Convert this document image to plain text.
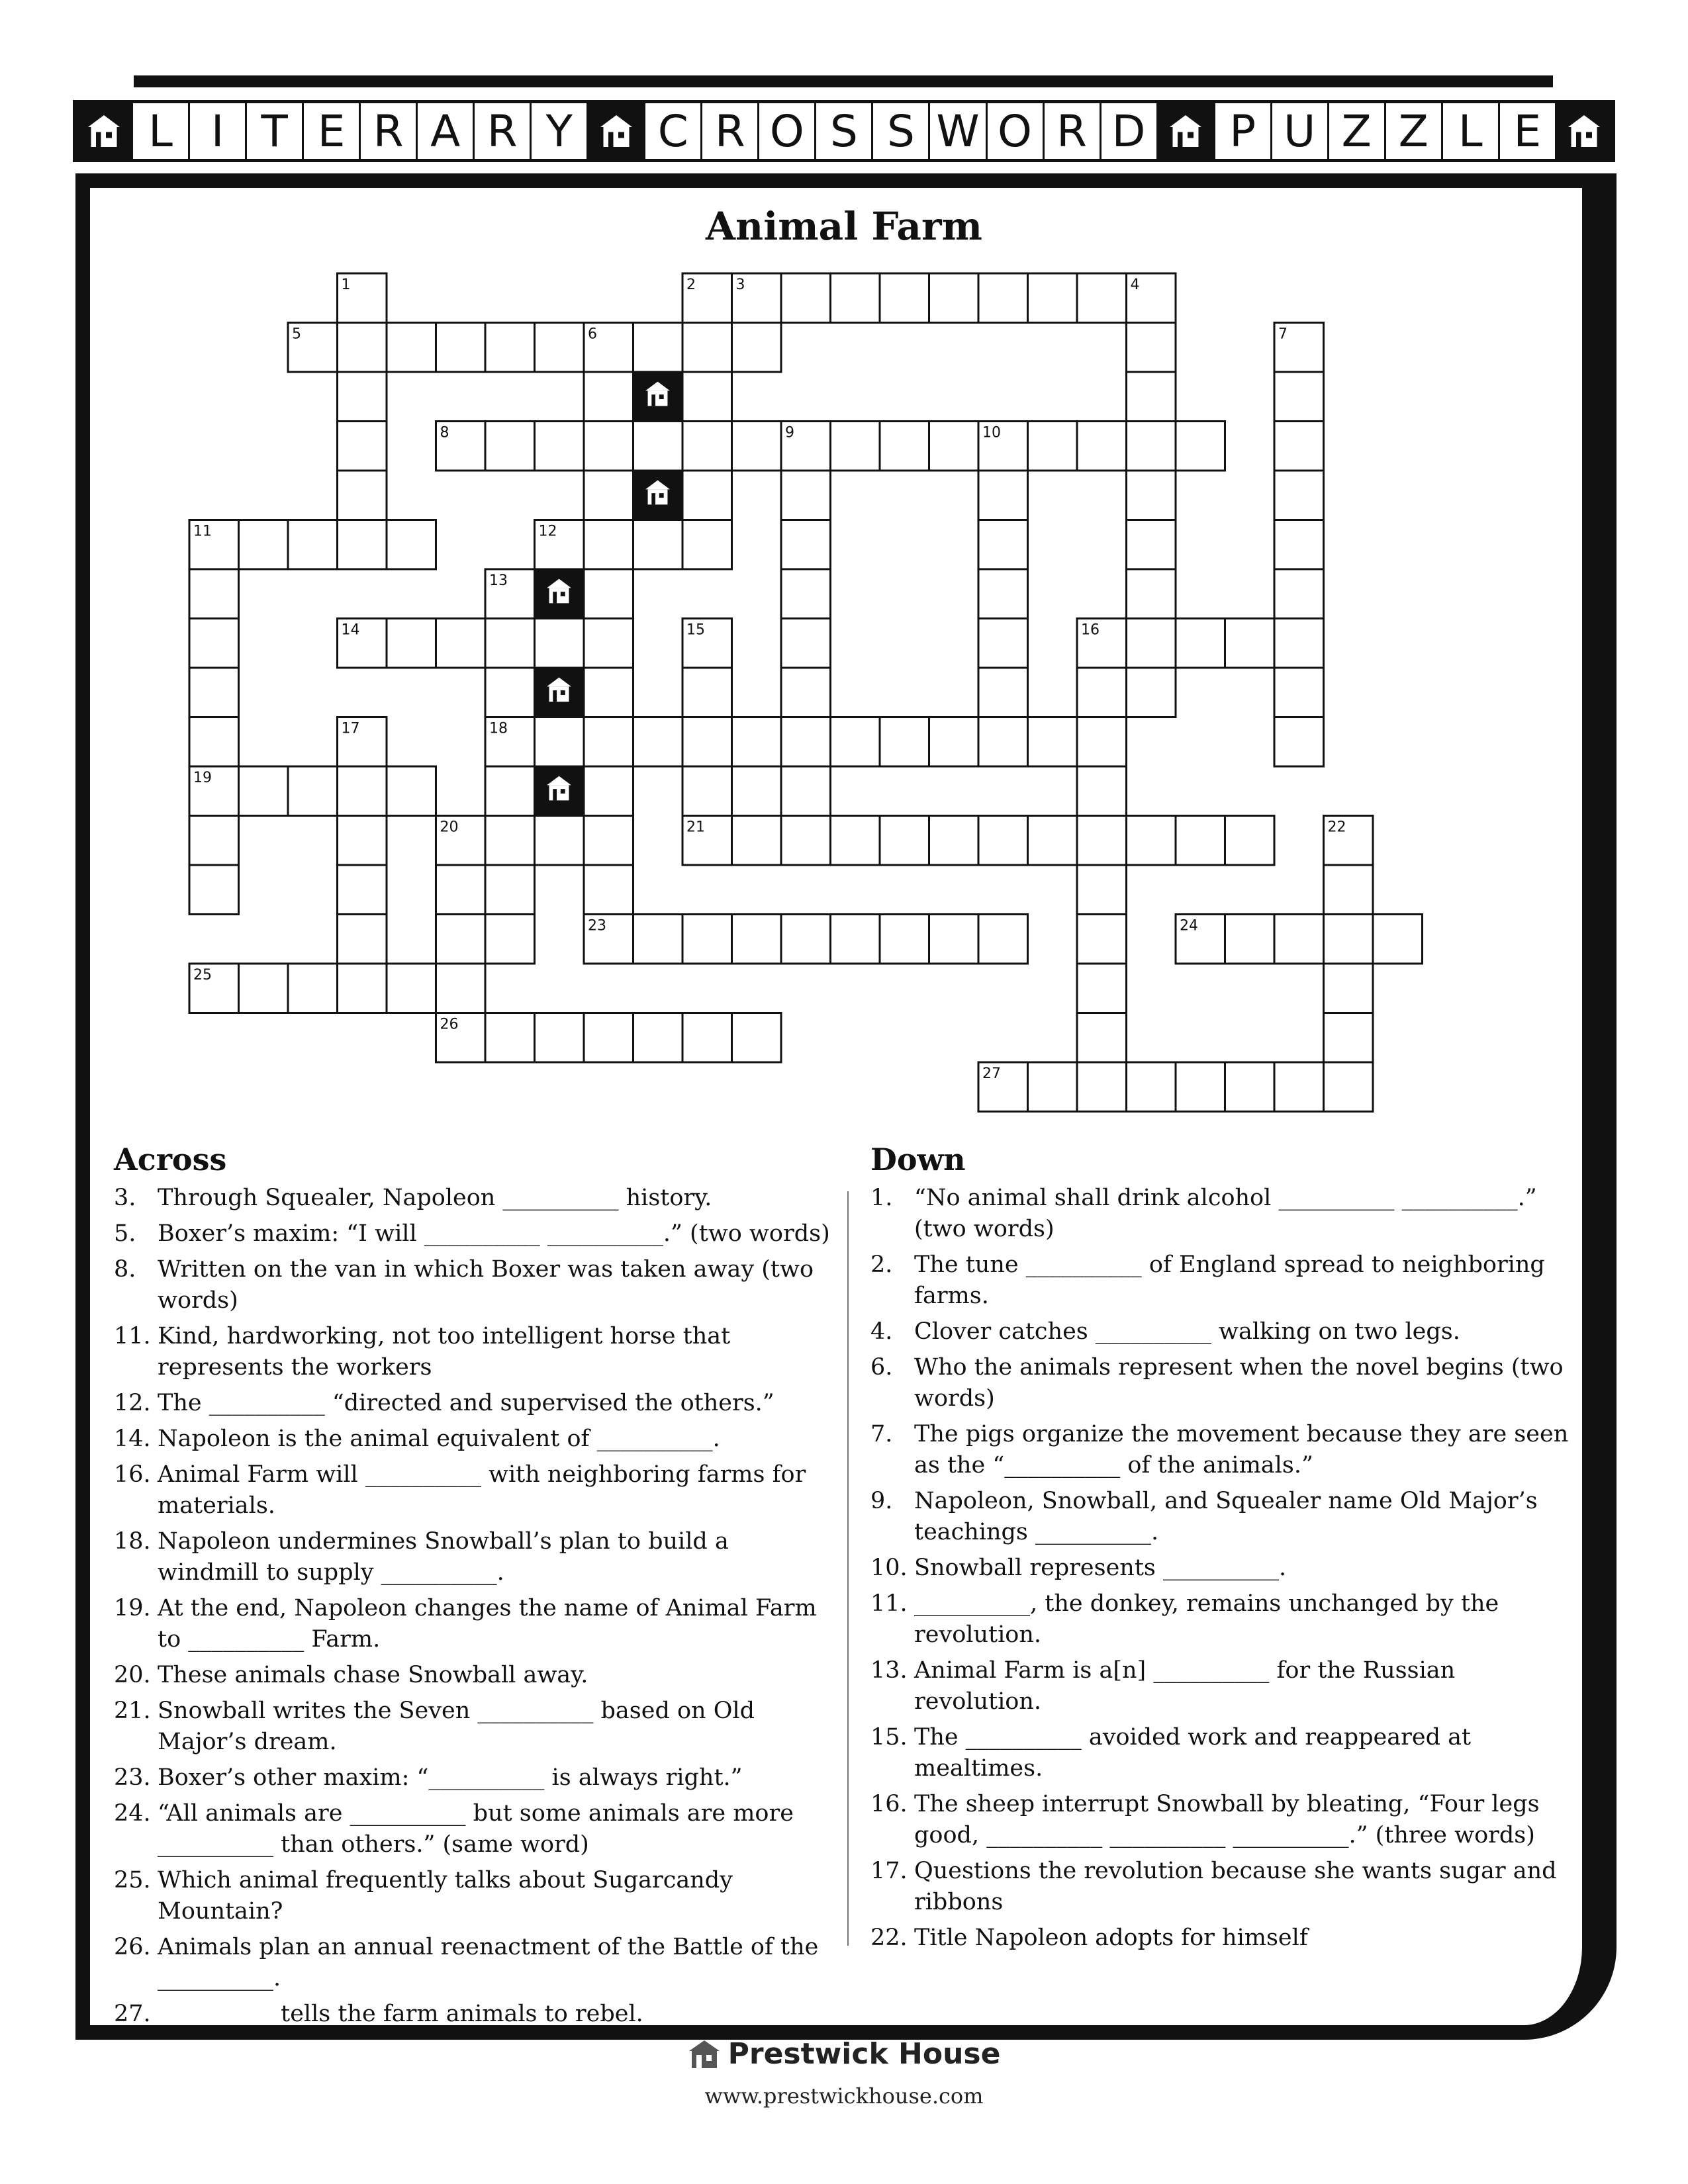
L I T E R A R Y	C R O S S W O R D	P U Z Z L E
Animal Farm
1	2	3	4
5	6	7
8	9	10
11	12
13
14	15	16
17	18
19
20	21	22
23	24
25
26
27
Across
3. Through Squealer, Napoleon __________ history.
5. Boxer’s maxim: “I will __________ __________.” (two words)
8. Written on the van in which Boxer was taken away (two words)
11. Kind, hardworking, not too intelligent horse that represents the workers
12. The __________ “directed and supervised the others.”
14. Napoleon is the animal equivalent of __________.
16. Animal Farm will __________ with neighboring farms for materials.
18. Napoleon undermines Snowball’s plan to build a windmill to supply __________.
19. At the end, Napoleon changes the name of Animal Farm to __________ Farm.
20. These animals chase Snowball away.
21. Snowball writes the Seven __________ based on Old Major’s dream.
23. Boxer’s other maxim: “__________ is always right.”
24. “All animals are __________ but some animals are more __________ than others.” (same word)
25. Which animal frequently talks about Sugarcandy Mountain?
26. Animals plan an annual reenactment of the Battle of the __________.
27. __________ tells the farm animals to rebel.
Down
1. “No animal shall drink alcohol __________ __________.” (two words)
2. The tune __________ of England spread to neighboring farms.
4. Clover catches __________ walking on two legs.
6. Who the animals represent when the novel begins (two words)
7. The pigs organize the movement because they are seen as the “__________ of the animals.”
9. Napoleon, Snowball, and Squealer name Old Major’s teachings __________.
10. Snowball represents __________.
11. __________, the donkey, remains unchanged by the revolution.
13. Animal Farm is a[n] __________ for the Russian revolution.
15. The __________ avoided work and reappeared at mealtimes.
16. The sheep interrupt Snowball by bleating, “Four legs good, __________ __________ __________.” (three words)
17. Questions the revolution because she wants sugar and ribbons
22. Title Napoleon adopts for himself
Prestwick House
www.prestwickhouse.com
